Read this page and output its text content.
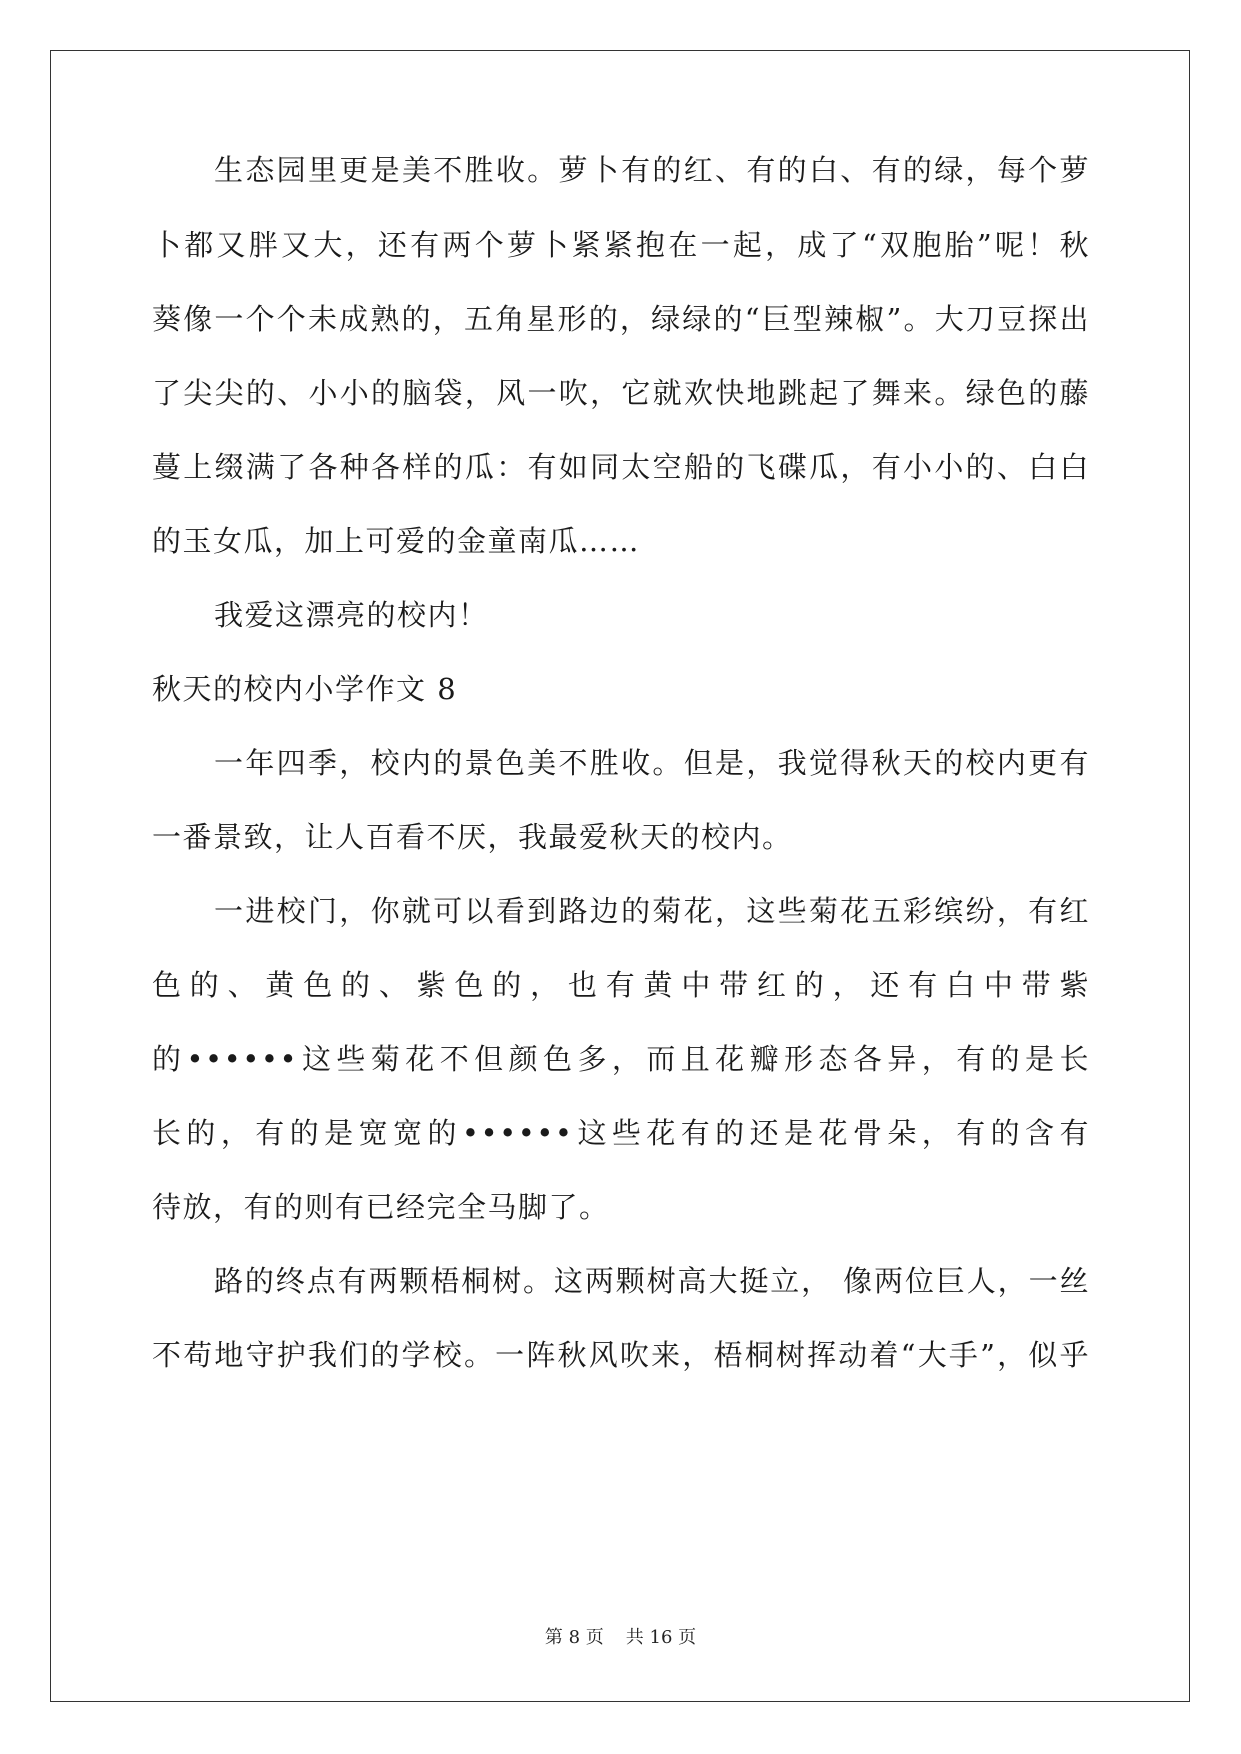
生态园里更是美不胜收。萝卜有的红、有的白、有的绿，每个萝
卜都又胖又大，还有两个萝卜紧紧抱在一起，成了“双胞胎”呢！秋
葵像一个个未成熟的，五角星形的，绿绿的“巨型辣椒”。大刀豆探出
了尖尖的、小小的脑袋，风一吹，它就欢快地跳起了舞来。绿色的藤
蔓上缀满了各种各样的瓜：有如同太空船的飞碟瓜，有小小的、白白
的玉女瓜，加上可爱的金童南瓜……
我爱这漂亮的校内！
秋天的校内小学作文 8
一年四季，校内的景色美不胜收。但是，我觉得秋天的校内更有
一番景致，让人百看不厌，我最爱秋天的校内。
一进校门，你就可以看到路边的菊花，这些菊花五彩缤纷，有红
色的、黄色的、紫色的，也有黄中带红的，还有白中带紫
的••••••这些菊花不但颜色多，而且花瓣形态各异，有的是长
长的，有的是宽宽的••••••这些花有的还是花骨朵，有的含有
待放，有的则有已经完全马脚了。
路的终点有两颗梧桐树。这两颗树高大挺立， 像两位巨人，一丝
不苟地守护我们的学校。一阵秋风吹来，梧桐树挥动着“大手”，似乎
第 8 页 共 16 页
